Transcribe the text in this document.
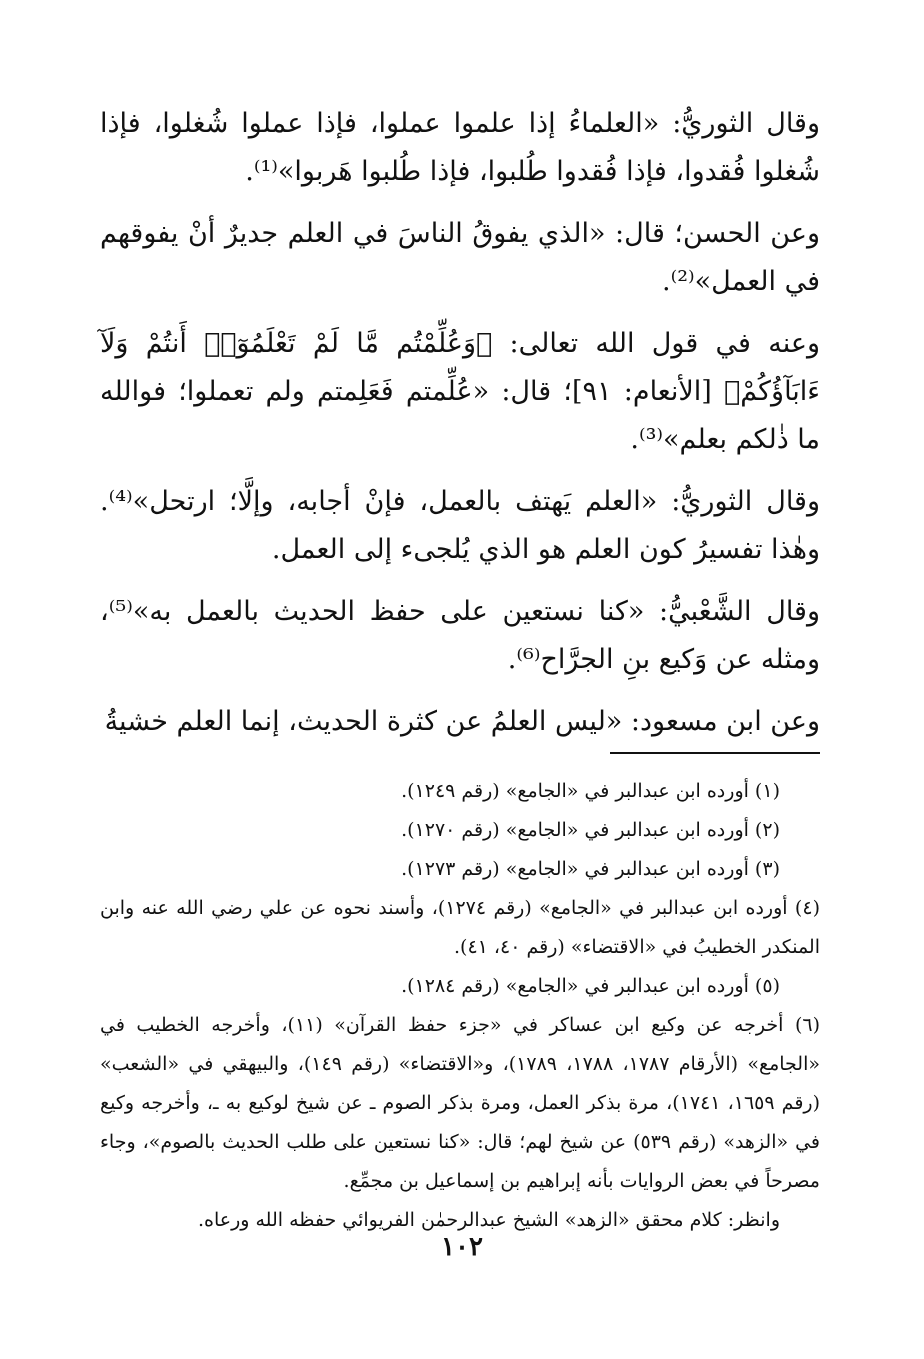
وقال الثوريُّ: «العلماءُ إذا علموا عملوا، فإذا عملوا شُغلوا، فإذا شُغلوا فُقدوا، فإذا فُقدوا طُلبوا، فإذا طُلبوا هَربوا»⁽¹⁾.

وعن الحسن؛ قال: «الذي يفوقُ الناسَ في العلم جديرٌ أنْ يفوقهم في العمل»⁽²⁾.

وعنه في قول الله تعالى: ﴿وَعُلِّمْتُم مَّا لَمْ تَعْلَمُوٓا۟ أَنتُمْ وَلَآ ءَابَآؤُكُمْ﴾ [الأنعام: ٩١]؛ قال: «عُلِّمتم فَعَلِمتم ولم تعملوا؛ فوالله ما ذٰلكم بعلم»⁽³⁾.

وقال الثوريُّ: «العلم يَهتف بالعمل، فإنْ أجابه، وإلَّا؛ ارتحل»⁽⁴⁾. وهٰذا تفسيرُ كون العلم هو الذي يُلجىء إلى العمل.

وقال الشَّعْبيُّ: «كنا نستعين على حفظ الحديث بالعمل به»⁽⁵⁾، ومثله عن وَكيع بنِ الجرَّاح⁽⁶⁾.

وعن ابن مسعود: «ليس العلمُ عن كثرة الحديث، إنما العلم خشيةُ

(١) أورده ابن عبدالبر في «الجامع» (رقم ١٢٤٩).

(٢) أورده ابن عبدالبر في «الجامع» (رقم ١٢٧٠).

(٣) أورده ابن عبدالبر في «الجامع» (رقم ١٢٧٣).

(٤) أورده ابن عبدالبر في «الجامع» (رقم ١٢٧٤)، وأسند نحوه عن علي رضي الله عنه وابن المنكدر الخطيبُ في «الاقتضاء» (رقم ٤٠، ٤١).

(٥) أورده ابن عبدالبر في «الجامع» (رقم ١٢٨٤).

(٦) أخرجه عن وكيع ابن عساكر في «جزء حفظ القرآن» (١١)، وأخرجه الخطيب في «الجامع» (الأرقام ١٧٨٧، ١٧٨٨، ١٧٨٩)، و«الاقتضاء» (رقم ١٤٩)، والبيهقي في «الشعب» (رقم ١٦٥٩، ١٧٤١)، مرة بذكر العمل، ومرة بذكر الصوم ـ عن شيخ لوكيع به ـ، وأخرجه وكيع في «الزهد» (رقم ٥٣٩) عن شيخ لهم؛ قال: «كنا نستعين على طلب الحديث بالصوم»، وجاء مصرحاً في بعض الروايات بأنه إبراهيم بن إسماعيل بن مجمِّع.

وانظر: كلام محقق «الزهد» الشيخ عبدالرحمٰن الفريوائي حفظه الله ورعاه.

١٠٢
